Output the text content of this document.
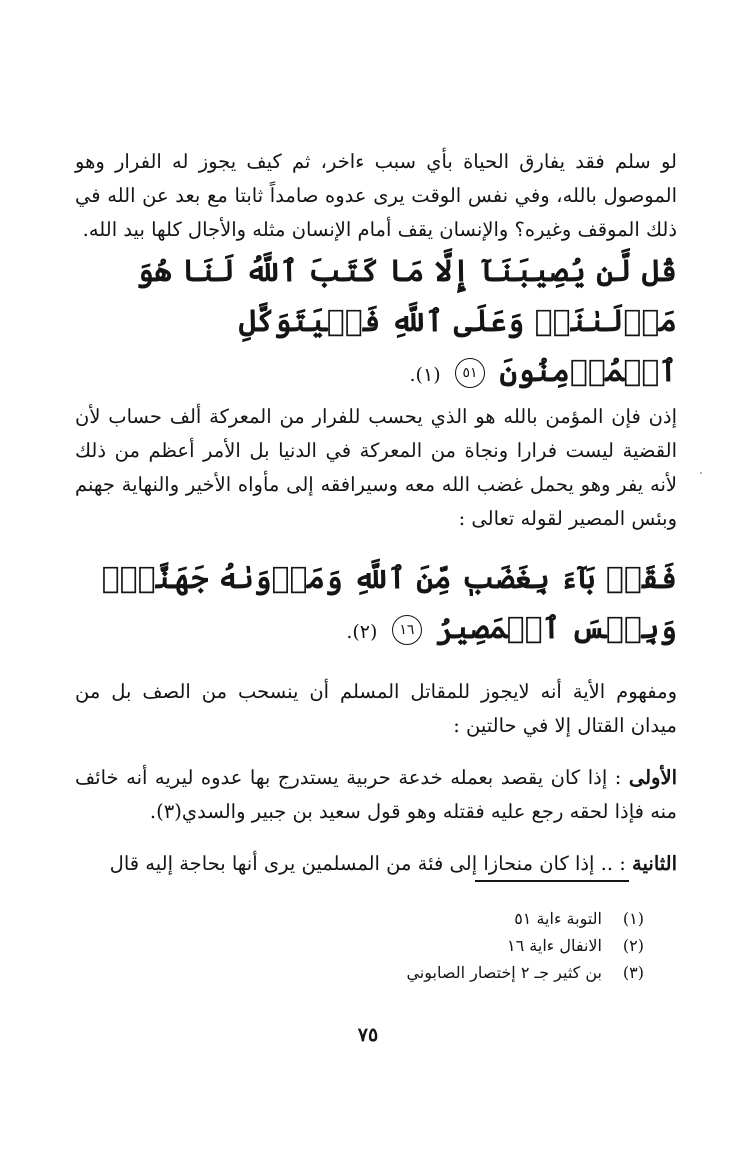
لو سلم فقد يفارق الحياة بأي سبب ءاخر، ثم كيف يجوز له الفرار وهو الموصول بالله، وفي نفس الوقت يرى عدوه صامداً ثابتا مع بعد عن الله في ذلك الموقف وغيره؟ والإنسان يقف أمام الإنسان مثله والأجال كلها بيد الله.

قُل لَّن يُصِيبَنَآ إِلَّا مَا كَتَبَ ٱللَّهُ لَنَا هُوَ مَوۡلَىٰنَاۚ وَعَلَى ٱللَّهِ فَلۡيَتَوَكَّلِ ٱلۡمُؤۡمِنُونَ ٥١ (١).

إذن فإن المؤمن بالله هو الذي يحسب للفرار من المعركة ألف حساب لأن القضية ليست فرارا ونجاة من المعركة في الدنيا بل الأمر أعظم من ذلك لأنه يفر وهو يحمل غضب الله معه وسيرافقه إلى مأواه الأخير والنهاية جهنم وبئس المصير لقوله تعالى :

فَقَدۡ بَآءَ بِغَضَبٖ مِّنَ ٱللَّهِ وَمَأۡوَىٰهُ جَهَنَّمُۖ وَبِئۡسَ ٱلۡمَصِيرُ ١٦ (٢).

ومفهوم الأية أنه لايجوز للمقاتل المسلم أن ينسحب من الصف بل من ميدان القتال إلا في حالتين :

الأولى : إذا كان يقصد بعمله خدعة حربية يستدرج بها عدوه ليريه أنه خائف منه فإذا لحقه رجع عليه فقتله وهو قول سعيد بن جبير والسدي(٣).

الثانية : .. إذا كان منحازا إلى فئة من المسلمين يرى أنها بحاجة إليه قال

(١)
التوبة ءاية ٥١
(٢)
الانفال ءاية ١٦
(٣)
بن كثير جـ ٢ إختصار الصابوني
٧٥
